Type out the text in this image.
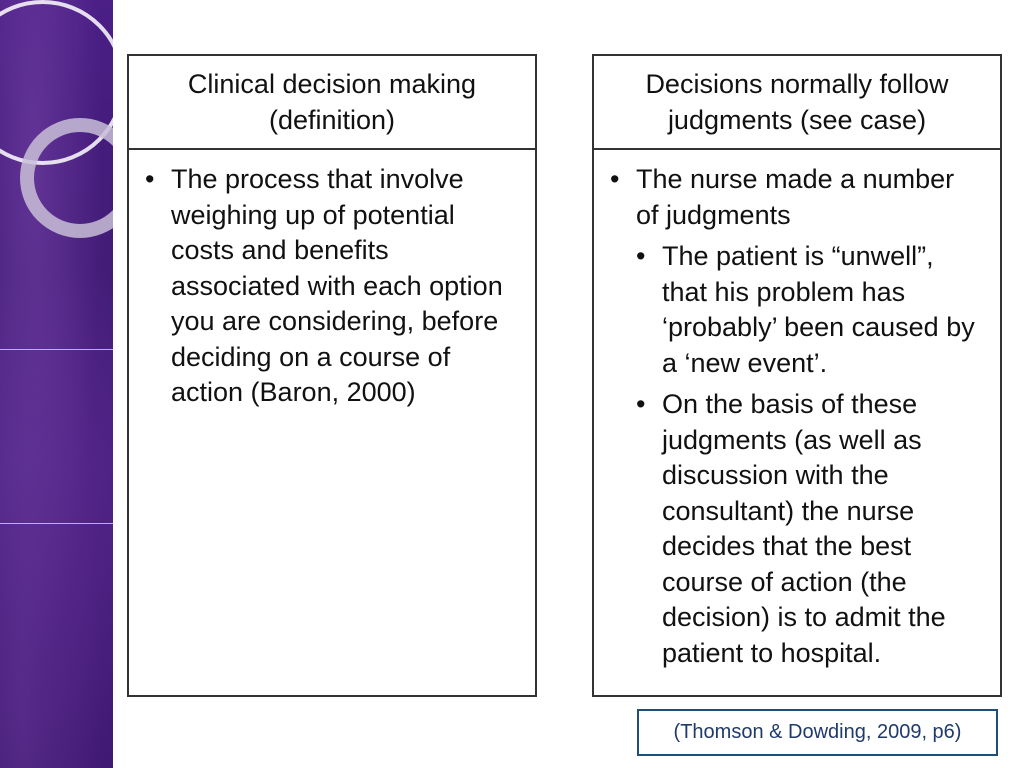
Clinical decision making (definition)
• The process that involve weighing up of potential costs and benefits associated with each option you are considering, before deciding on a course of action (Baron, 2000)
Decisions normally follow judgments (see case)
• The nurse made a number of judgments
• The patient is “unwell”, that his problem has ‘probably’ been caused by a ‘new event’.
• On the basis of these judgments (as well as discussion with the consultant) the nurse decides that the best course of action (the decision) is to admit the patient to hospital.
(Thomson & Dowding, 2009, p6)
